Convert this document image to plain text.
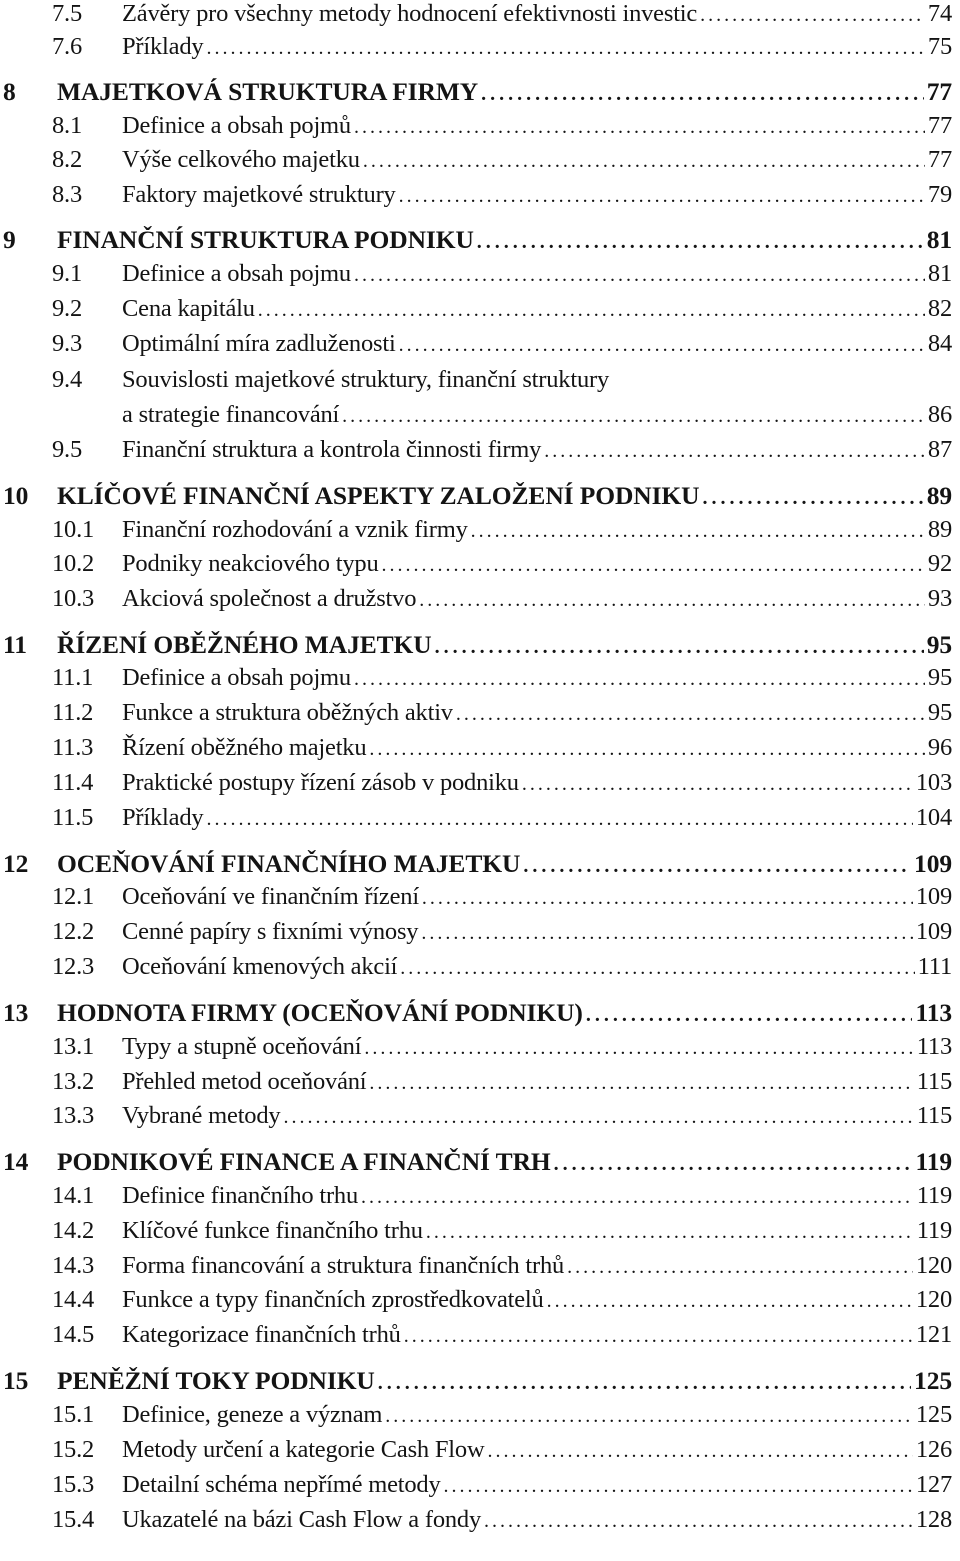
7.5	Závěry pro všechny metody hodnocení efektivnosti investic . . .	74
7.6	Příklady . . .	75
8	MAJETKOVÁ STRUKTURA FIRMY . . .	77
8.1	Definice a obsah pojmů . . .	77
8.2	Výše celkového majetku . . .	77
8.3	Faktory majetkové struktury . . .	79
9	FINANČNÍ STRUKTURA PODNIKU . . .	81
9.1	Definice a obsah pojmu . . .	81
9.2	Cena kapitálu . . .	82
9.3	Optimální míra zadluženosti . . .	84
9.4	Souvislosti majetkové struktury, finanční struktury
a strategie financování . . .	86
9.5	Finanční struktura a kontrola činnosti firmy . . .	87
10	KLÍČOVÉ FINANČNÍ ASPEKTY ZALOŽENÍ PODNIKU . . .	89
10.1	Finanční rozhodování a vznik firmy . . .	89
10.2	Podniky neakciového typu . . .	92
10.3	Akciová společnost a družstvo . . .	93
11	ŘÍZENÍ OBĚŽNÉHO MAJETKU . . .	95
11.1	Definice a obsah pojmu . . .	95
11.2	Funkce a struktura oběžných aktiv . . .	95
11.3	Řízení oběžného majetku . . .	96
11.4	Praktické postupy řízení zásob v podniku . . .	103
11.5	Příklady . . .	104
12	OCEŇOVÁNÍ FINANČNÍHO MAJETKU . . .	109
12.1	Oceňování ve finančním řízení . . .	109
12.2	Cenné papíry s fixními výnosy . . .	109
12.3	Oceňování kmenových akcií . . .	111
13	HODNOTA FIRMY (OCEŇOVÁNÍ PODNIKU) . . .	113
13.1	Typy a stupně oceňování . . .	113
13.2	Přehled metod oceňování . . .	115
13.3	Vybrané metody . . .	115
14	PODNIKOVÉ FINANCE A FINANČNÍ TRH . . .	119
14.1	Definice finančního trhu . . .	119
14.2	Klíčové funkce finančního trhu . . .	119
14.3	Forma financování a struktura finančních trhů . . .	120
14.4	Funkce a typy finančních zprostředkovatelů . . .	120
14.5	Kategorizace finančních trhů . . .	121
15	PENĚŽNÍ TOKY PODNIKU . . .	125
15.1	Definice, geneze a význam . . .	125
15.2	Metody určení a kategorie Cash Flow . . .	126
15.3	Detailní schéma nepřímé metody . . .	127
15.4	Ukazatelé na bázi Cash Flow a fondy . . .	128
